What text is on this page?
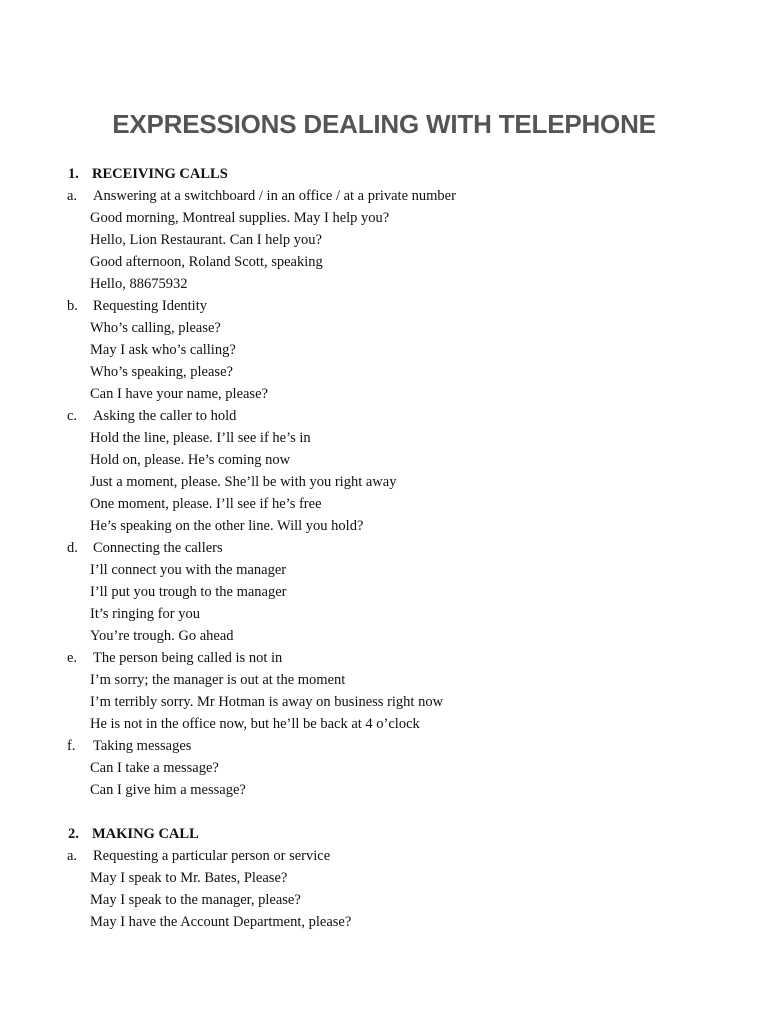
EXPRESSIONS DEALING WITH TELEPHONE
1. RECEIVING CALLS
a. Answering at a switchboard / in an office / at a private number
Good morning, Montreal supplies. May I help you?
Hello, Lion Restaurant. Can I help you?
Good afternoon, Roland Scott, speaking
Hello, 88675932
b. Requesting Identity
Who’s calling, please?
May I ask who’s calling?
Who’s speaking, please?
Can I have your name, please?
c. Asking the caller to hold
Hold the line, please. I’ll see if he’s in
Hold on, please. He’s coming now
Just a moment, please. She’ll be with you right away
One moment, please. I’ll see if he’s free
He’s speaking on the other line. Will you hold?
d. Connecting the callers
I’ll connect you with the manager
I’ll put you trough to the manager
It’s ringing for you
You’re trough. Go ahead
e. The person being called is not in
I’m sorry; the manager is out at the moment
I’m terribly sorry. Mr Hotman is away on business right now
He is not in the office now, but he’ll be back at 4 o’clock
f. Taking messages
Can I take a message?
Can I give him a message?
2. MAKING CALL
a. Requesting a particular person or service
May I speak to Mr. Bates, Please?
May I speak to the manager, please?
May I have the Account Department, please?
